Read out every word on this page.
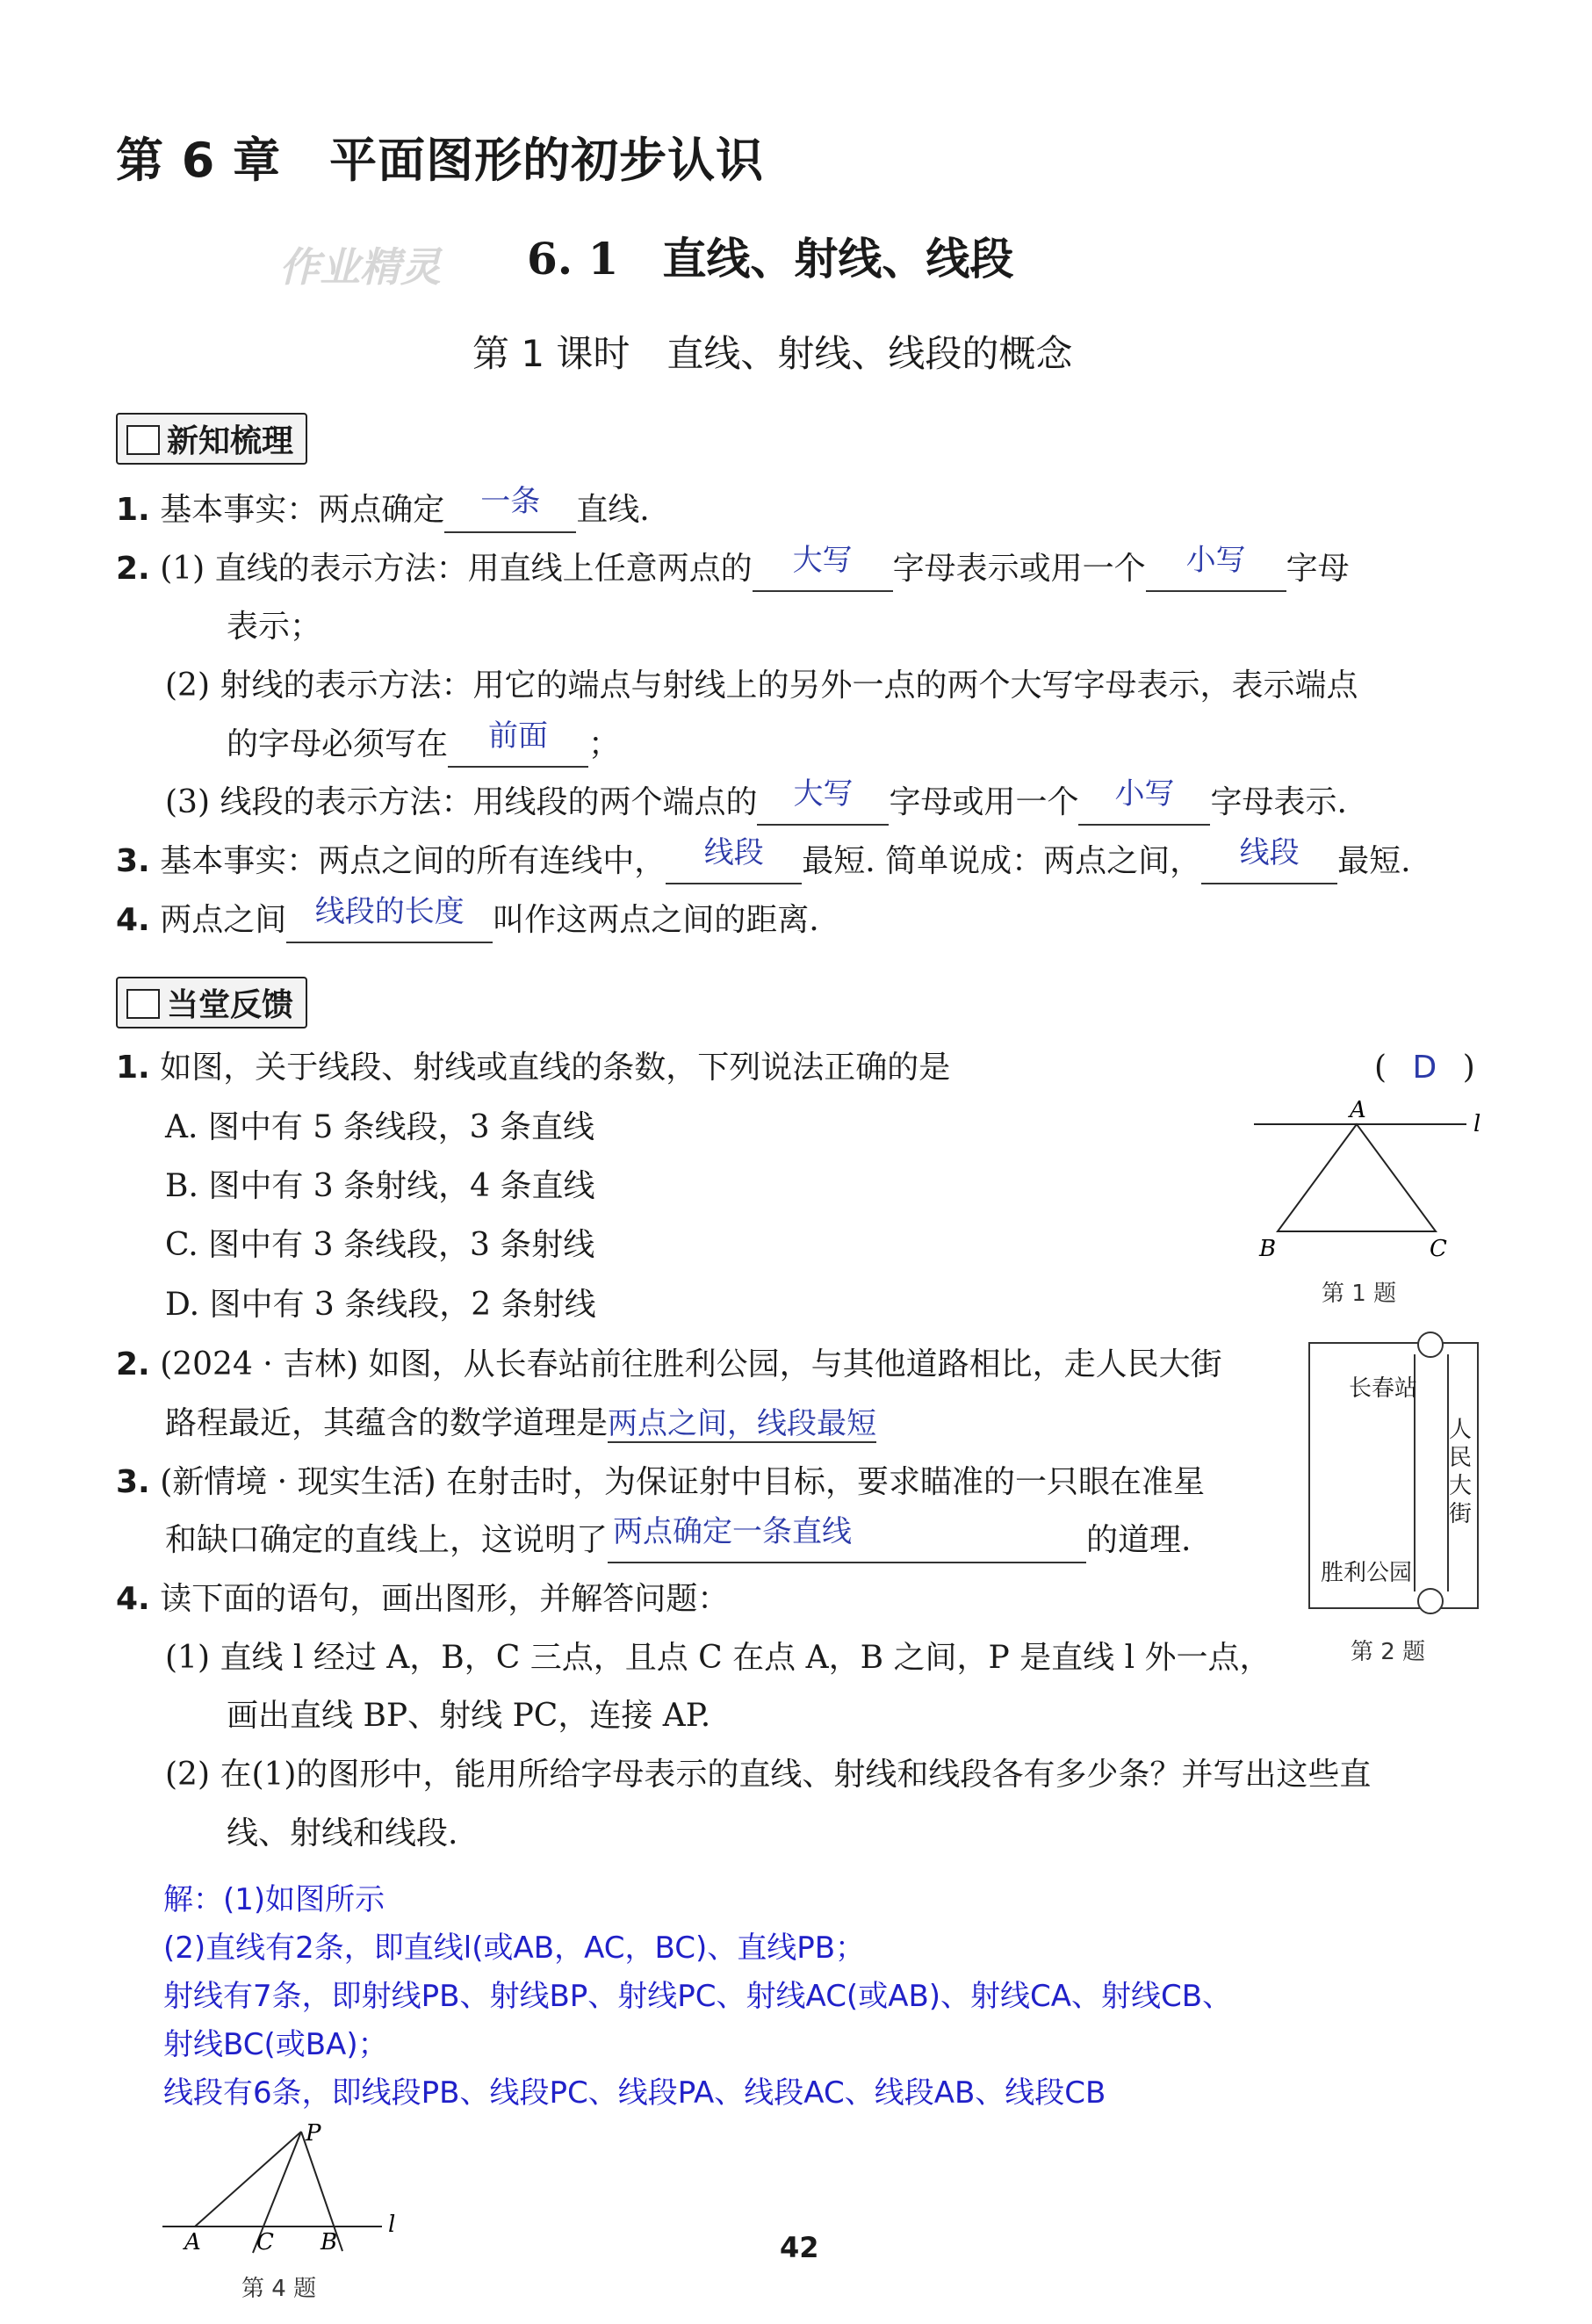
第 6 章　平面图形的初步认识
作业精灵 6. 1　直线、射线、线段
第 1 课时　直线、射线、线段的概念
新知梳理
1. 基本事实：两点确定	一条	直线.
2. (1) 直线的表示方法：用直线上任意两点的	大写	字母表示或用一个	小写	字母
表示；
(2) 射线的表示方法：用它的端点与射线上的另外一点的两个大写字母表示，表示端点
的字母必须写在	前面	；
(3) 线段的表示方法：用线段的两个端点的	大写	字母或用一个	小写	字母表示.
3. 基本事实：两点之间的所有连线中，	线段	最短. 简单说成：两点之间，	线段	最短.
4. 两点之间 线段的长度 叫作这两点之间的距离.
当堂反馈
1. 如图，关于线段、射线或直线的条数，下列说法正确的是	( D )
A. 图中有 5 条线段，3 条直线
B. 图中有 3 条射线，4 条直线
C. 图中有 3 条线段，3 条射线
D. 图中有 3 条线段，2 条射线
A
l
B	C
第 1 题
2. (2024 · 吉林) 如图，从长春站前往胜利公园，与其他道路相比，走人民大街
路程最近，其蕴含的数学道理是两点之间，线段最短
长春站
人民大街
胜利公园
第 2 题
3. (新情境 · 现实生活) 在射击时，为保证射中目标，要求瞄准的一只眼在准星
和缺口确定的直线上，这说明了 两点确定一条直线	的道理.
4. 读下面的语句，画出图形，并解答问题：
(1) 直线 l 经过 A，B，C 三点，且点 C 在点 A，B 之间，P 是直线 l 外一点，
画出直线 BP、射线 PC，连接 AP.
(2) 在(1)的图形中，能用所给字母表示的直线、射线和线段各有多少条？并写出这些直
线、射线和线段.
解：(1)如图所示
(2)直线有2条，即直线l(或AB，AC，BC)、直线PB；
射线有7条，即射线PB、射线BP、射线PC、射线AC(或AB)、射线CA、射线CB、
射线BC(或BA)；
线段有6条，即线段PB、线段PC、线段PA、线段AC、线段AB、线段CB
P
A C B
l
第 4 题
42
